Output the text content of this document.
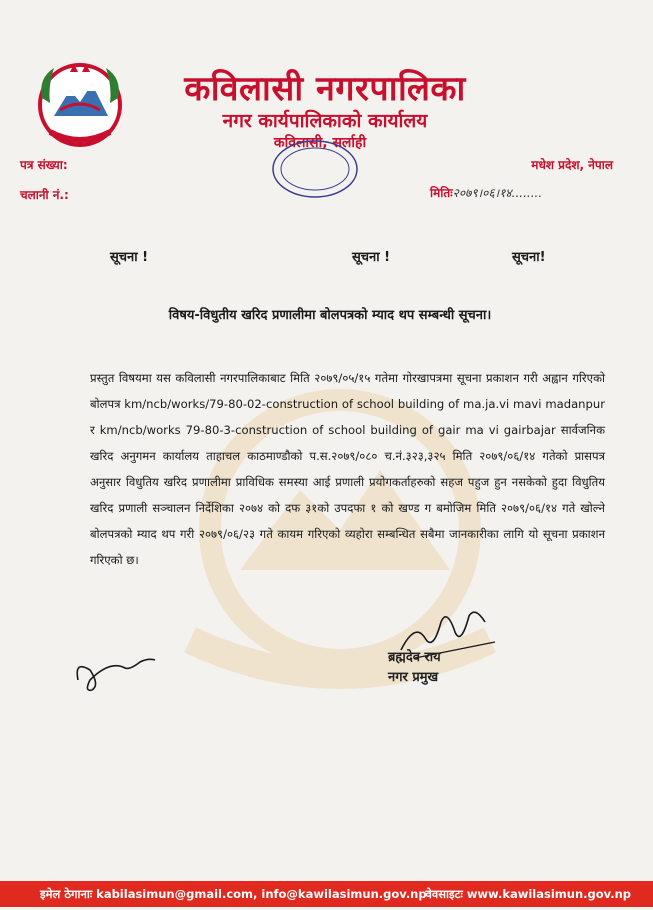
कविलासी नगरपालिका
नगर कार्यपालिकाको कार्यालय
कविलासी, सर्लाही
पत्र संख्या:
चलानी नं.:
मधेश प्रदेश, नेपाल
मितिः२०७९।०६।१४........
सूचना !	सूचना !	सूचना!
विषय-विधुतीय खरिद प्रणालीमा बोलपत्रको म्याद थप सम्बन्धी सूचना।
प्रस्तुत विषयमा यस कविलासी नगरपालिकाबाट मिति २०७९/०५/१५ गतेमा गोरखापत्रमा सूचना प्रकाशन गरी अह्वान गरिएको बोलपत्र km/ncb/works/79-80-02-construction of school building of ma.ja.vi mavi madanpur र km/ncb/works 79-80-3-construction of school building of gair ma vi gairbajar सार्वजनिक खरिद अनुगमन कार्यालय ताहाचल काठमाण्डौको प.स.२०७९/०८० च.नं.३२३,३२५ मिति २०७९/०६/१४ गतेको प्रासपत्र अनुसार विधुतिय खरिद प्रणालीमा प्राविधिक समस्या आई प्रणाली प्रयोगकर्ताहरुको सहज पहुज हुन नसकेको हुदा विधुतिय खरिद प्रणाली सञ्चालन निर्देशिका २०७४ को दफ ३१को उपदफा १ को खण्ड ग बमोजिम मिति २०७९/०६/१४ गते खोल्ने बोलपत्रको म्याद थप गरी २०७९/०६/२३ गते कायम गरिएको व्यहोरा सम्बन्धित सबैमा जानकारीका लागि यो सूचना प्रकाशन गरिएको छ।
ब्रह्मदेव राय
नगर प्रमुख
इमेल ठेगानाः kabilasimun@gmail.com, info@kawilasimun.gov.np
वेवसाइटः www.kawilasimun.gov.np
